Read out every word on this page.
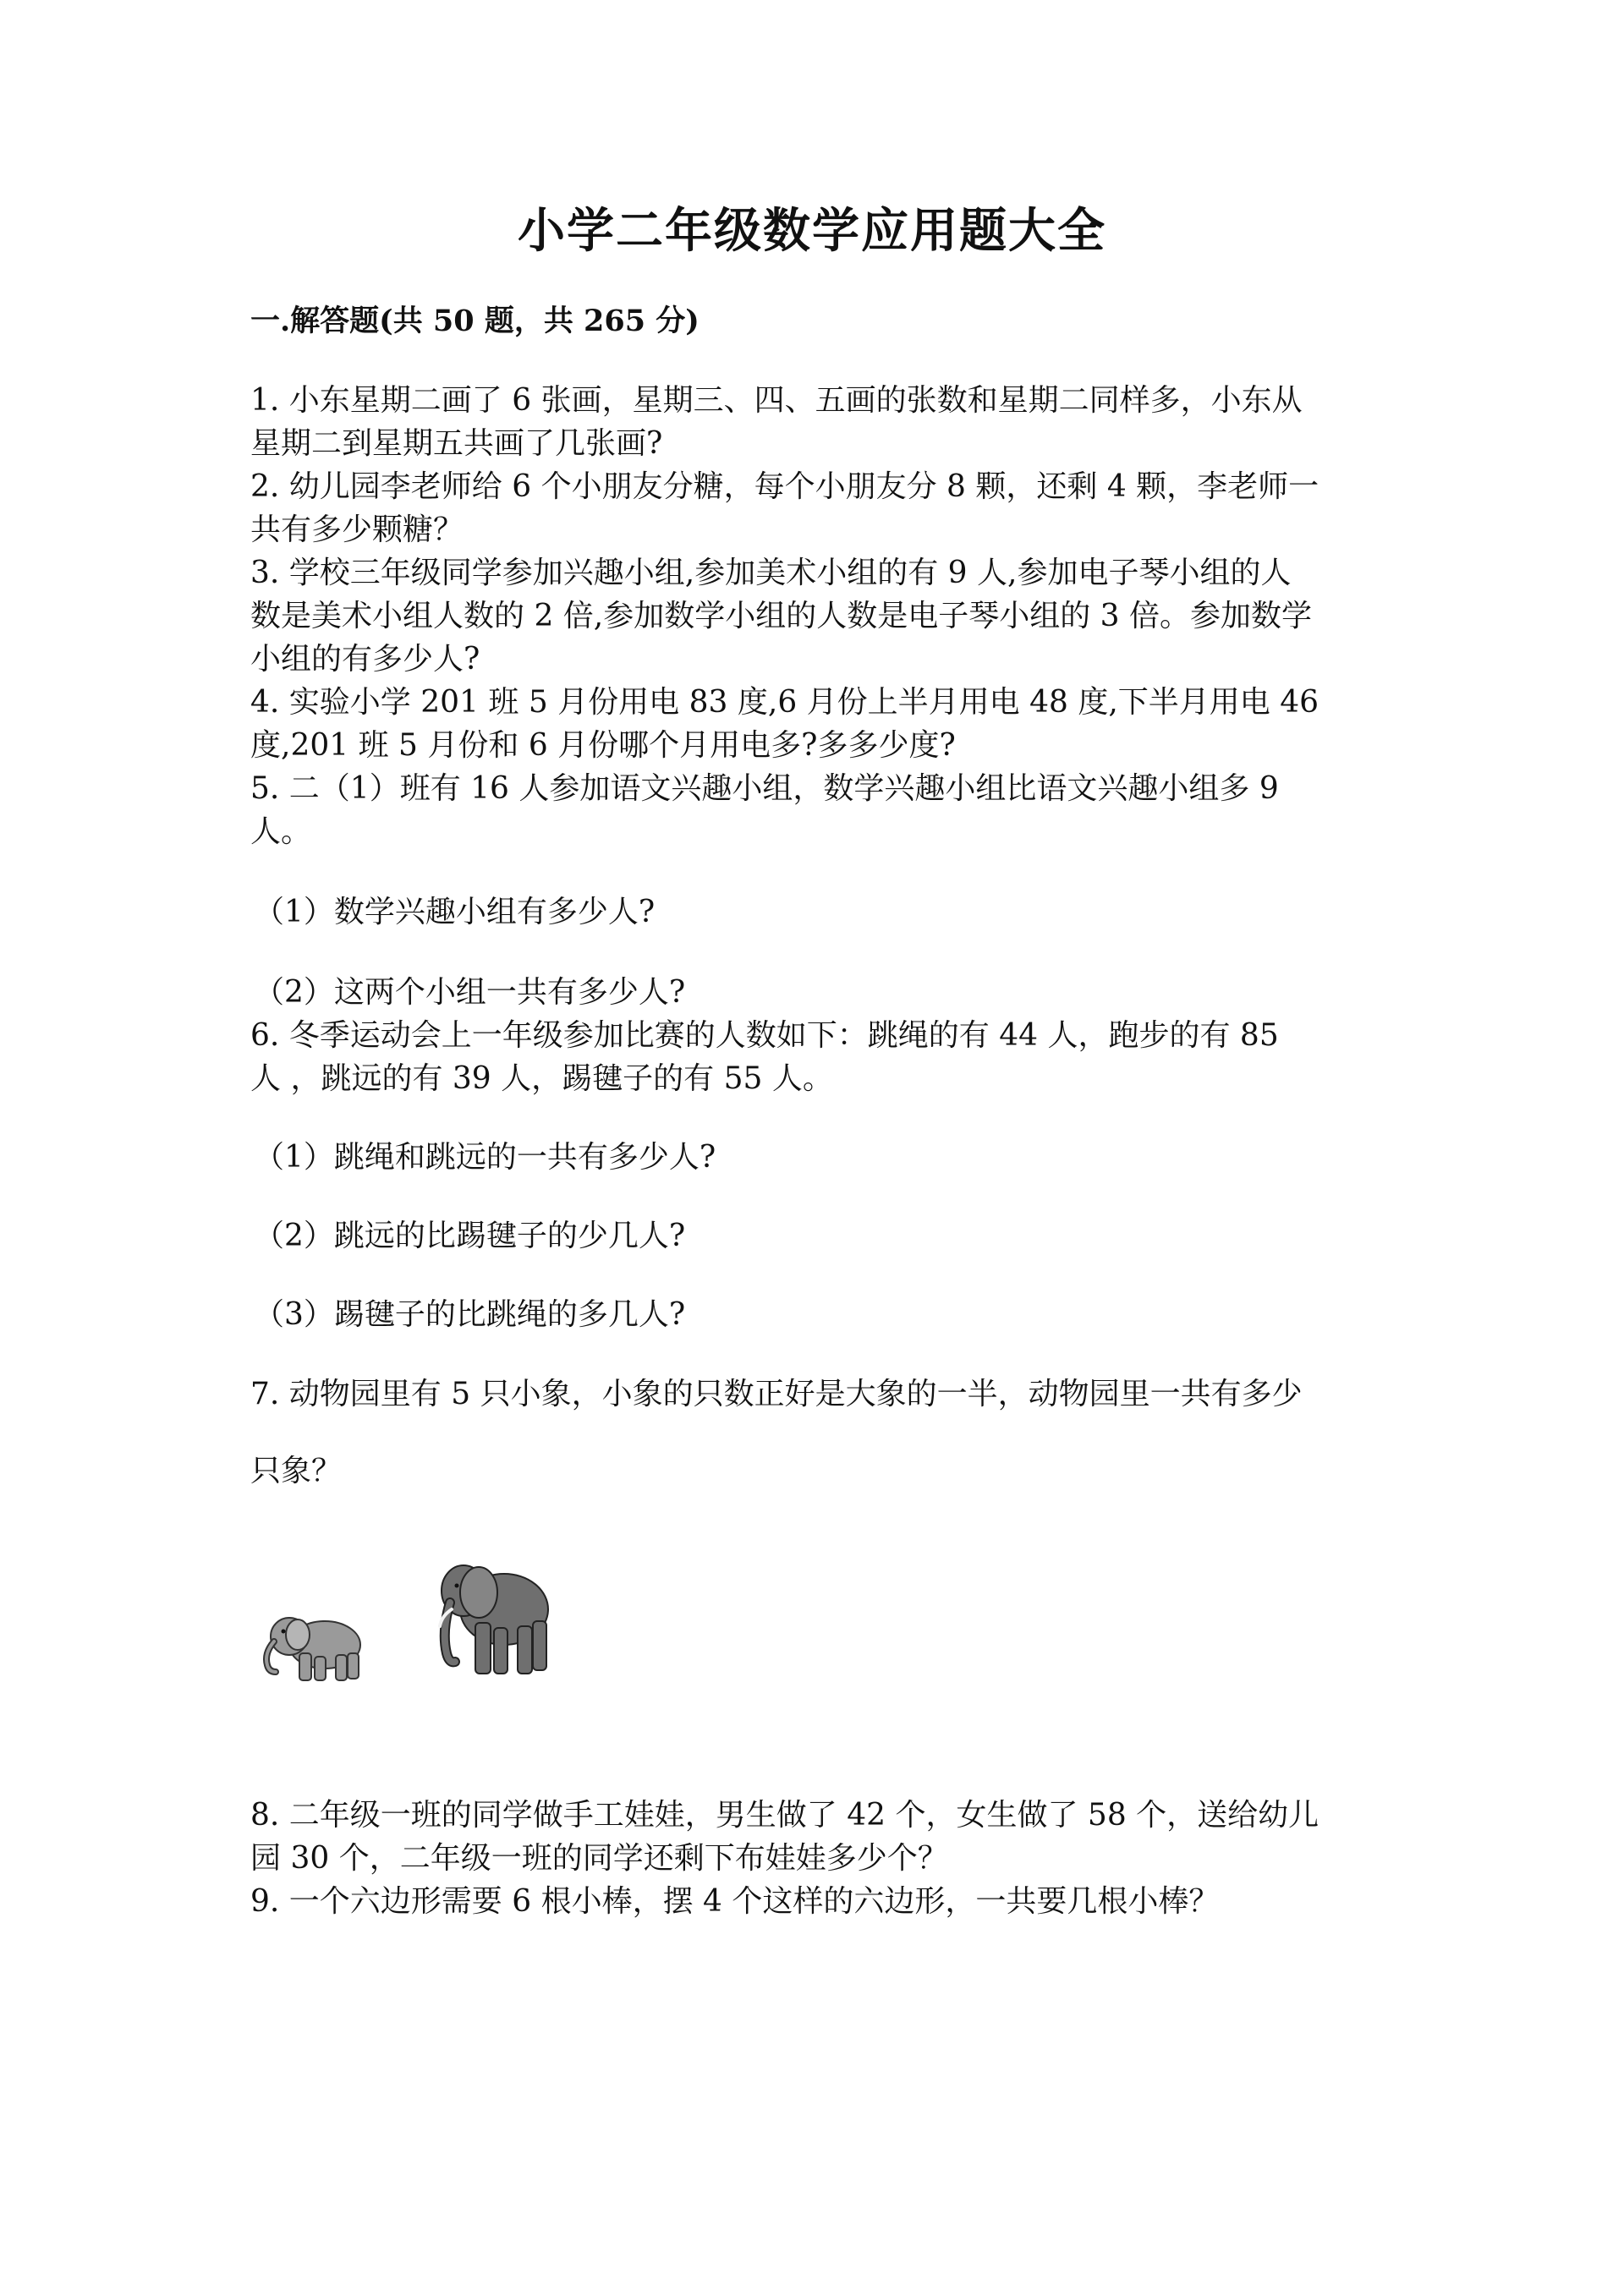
小学二年级数学应用题大全
一.解答题(共 50 题，共 265 分)

1. 小东星期二画了 6 张画，星期三、四、五画的张数和星期二同样多，小东从

星期二到星期五共画了几张画?

2. 幼儿园李老师给 6 个小朋友分糖，每个小朋友分 8 颗，还剩 4 颗，李老师一

共有多少颗糖？

3. 学校三年级同学参加兴趣小组,参加美术小组的有 9 人,参加电子琴小组的人

数是美术小组人数的 2 倍,参加数学小组的人数是电子琴小组的 3 倍。参加数学

小组的有多少人?

4. 实验小学 201 班 5 月份用电 83 度,6 月份上半月用电 48 度,下半月用电 46

度,201 班 5 月份和 6 月份哪个月用电多?多多少度?

5. 二（1）班有 16 人参加语文兴趣小组，数学兴趣小组比语文兴趣小组多 9

人。

（1）数学兴趣小组有多少人?

（2）这两个小组一共有多少人?

6. 冬季运动会上一年级参加比赛的人数如下：跳绳的有 44 人，跑步的有 85

人 ，跳远的有 39 人，踢毽子的有 55 人。

（1）跳绳和跳远的一共有多少人?

（2）跳远的比踢毽子的少几人?

（3）踢毽子的比跳绳的多几人?

7. 动物园里有 5 只小象，小象的只数正好是大象的一半，动物园里一共有多少

只象？

8. 二年级一班的同学做手工娃娃，男生做了 42 个，女生做了 58 个，送给幼儿

园 30 个，二年级一班的同学还剩下布娃娃多少个？

9. 一个六边形需要 6 根小棒，摆 4 个这样的六边形，一共要几根小棒？
